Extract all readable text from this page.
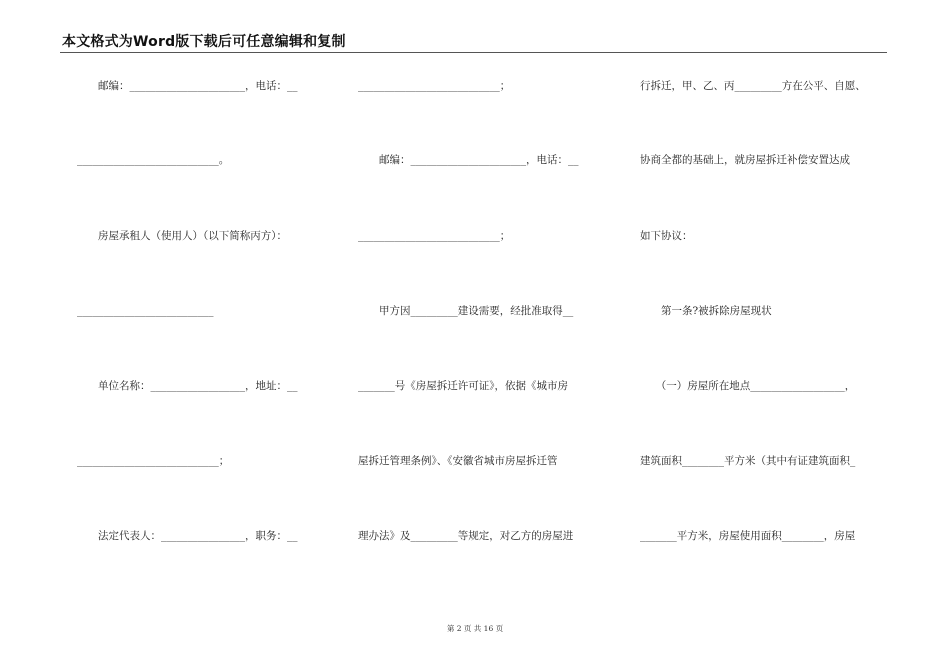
本文格式为Word版下载后可任意编辑和复制
　　邮编：______________________，电话：__
___________________________。
　　房屋承租人（使用人）（以下简称丙方）：
__________________________
　　单位名称：__________________，地址：__
___________________________；
　　法定代表人：________________，职务：__
___________________________；
　　邮编：______________________，电话：__
___________________________；
　　甲方因_________建设需要，经批准取得__
_______号《房屋拆迁许可证》，依据《城市房
屋拆迁管理条例》、《安徽省城市房屋拆迁管
理办法》及_________等规定，对乙方的房屋进
行拆迁，甲、乙、丙_________方在公平、自愿、
协商全都的基础上，就房屋拆迁补偿安置达成
如下协议：
　　第一条?被拆除房屋现状
　　（一）房屋所在地点__________________，
建筑面积________平方米（其中有证建筑面积_
_______平方米，房屋使用面积________，房屋
第 2 页 共 16 页
